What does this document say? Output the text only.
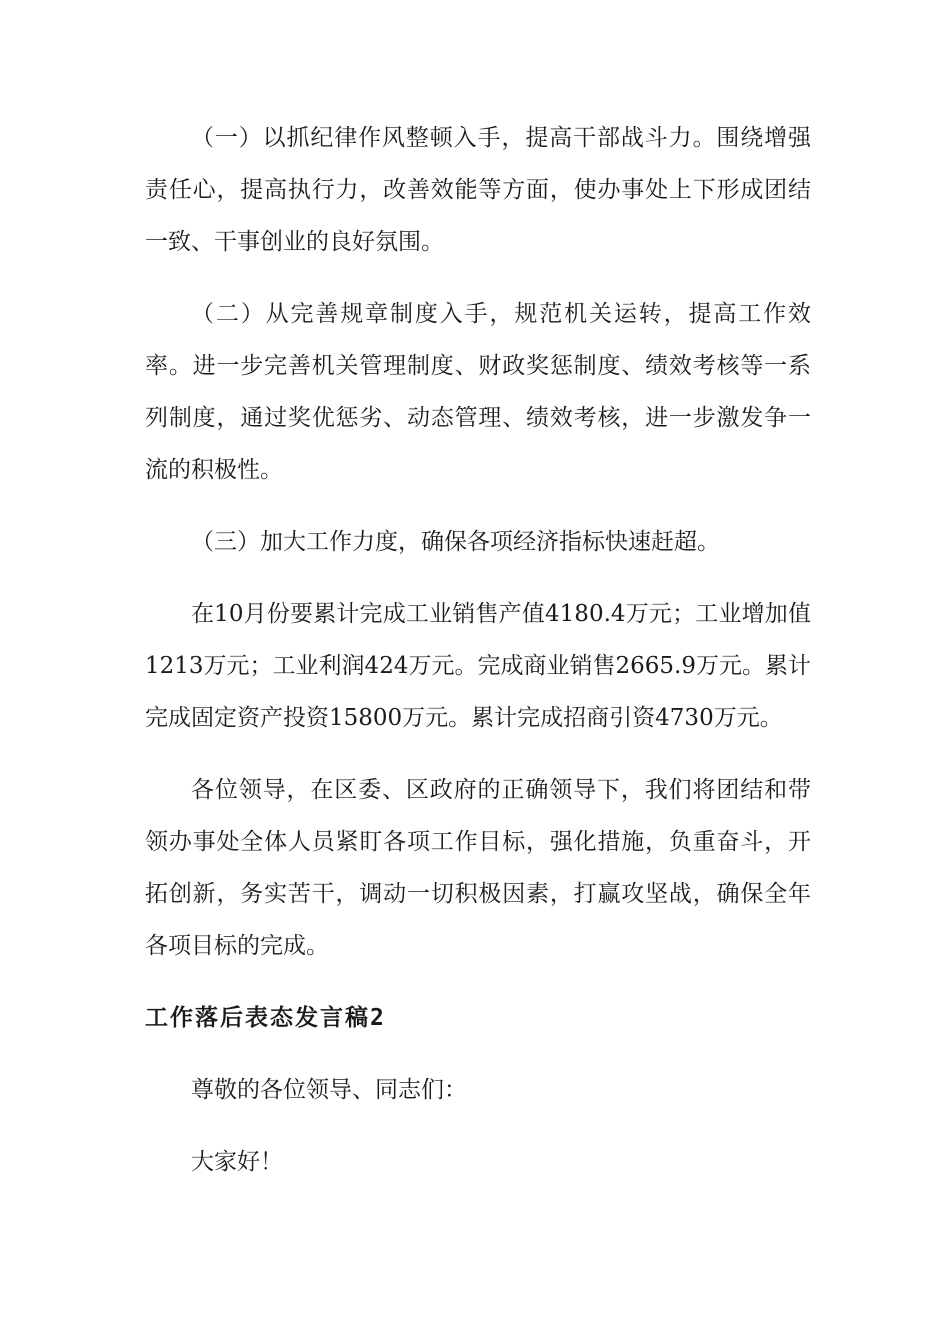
（一）以抓纪律作风整顿入手，提高干部战斗力。围绕增强责任心，提高执行力，改善效能等方面，使办事处上下形成团结一致、干事创业的良好氛围。

（二）从完善规章制度入手，规范机关运转，提高工作效率。进一步完善机关管理制度、财政奖惩制度、绩效考核等一系列制度，通过奖优惩劣、动态管理、绩效考核，进一步激发争一流的积极性。

（三）加大工作力度，确保各项经济指标快速赶超。

在10月份要累计完成工业销售产值4180.4万元；工业增加值1213万元；工业利润424万元。完成商业销售2665.9万元。累计完成固定资产投资15800万元。累计完成招商引资4730万元。

各位领导，在区委、区政府的正确领导下，我们将团结和带领办事处全体人员紧盯各项工作目标，强化措施，负重奋斗，开拓创新，务实苦干，调动一切积极因素，打赢攻坚战，确保全年各项目标的完成。

工作落后表态发言稿2

尊敬的各位领导、同志们：

大家好！
